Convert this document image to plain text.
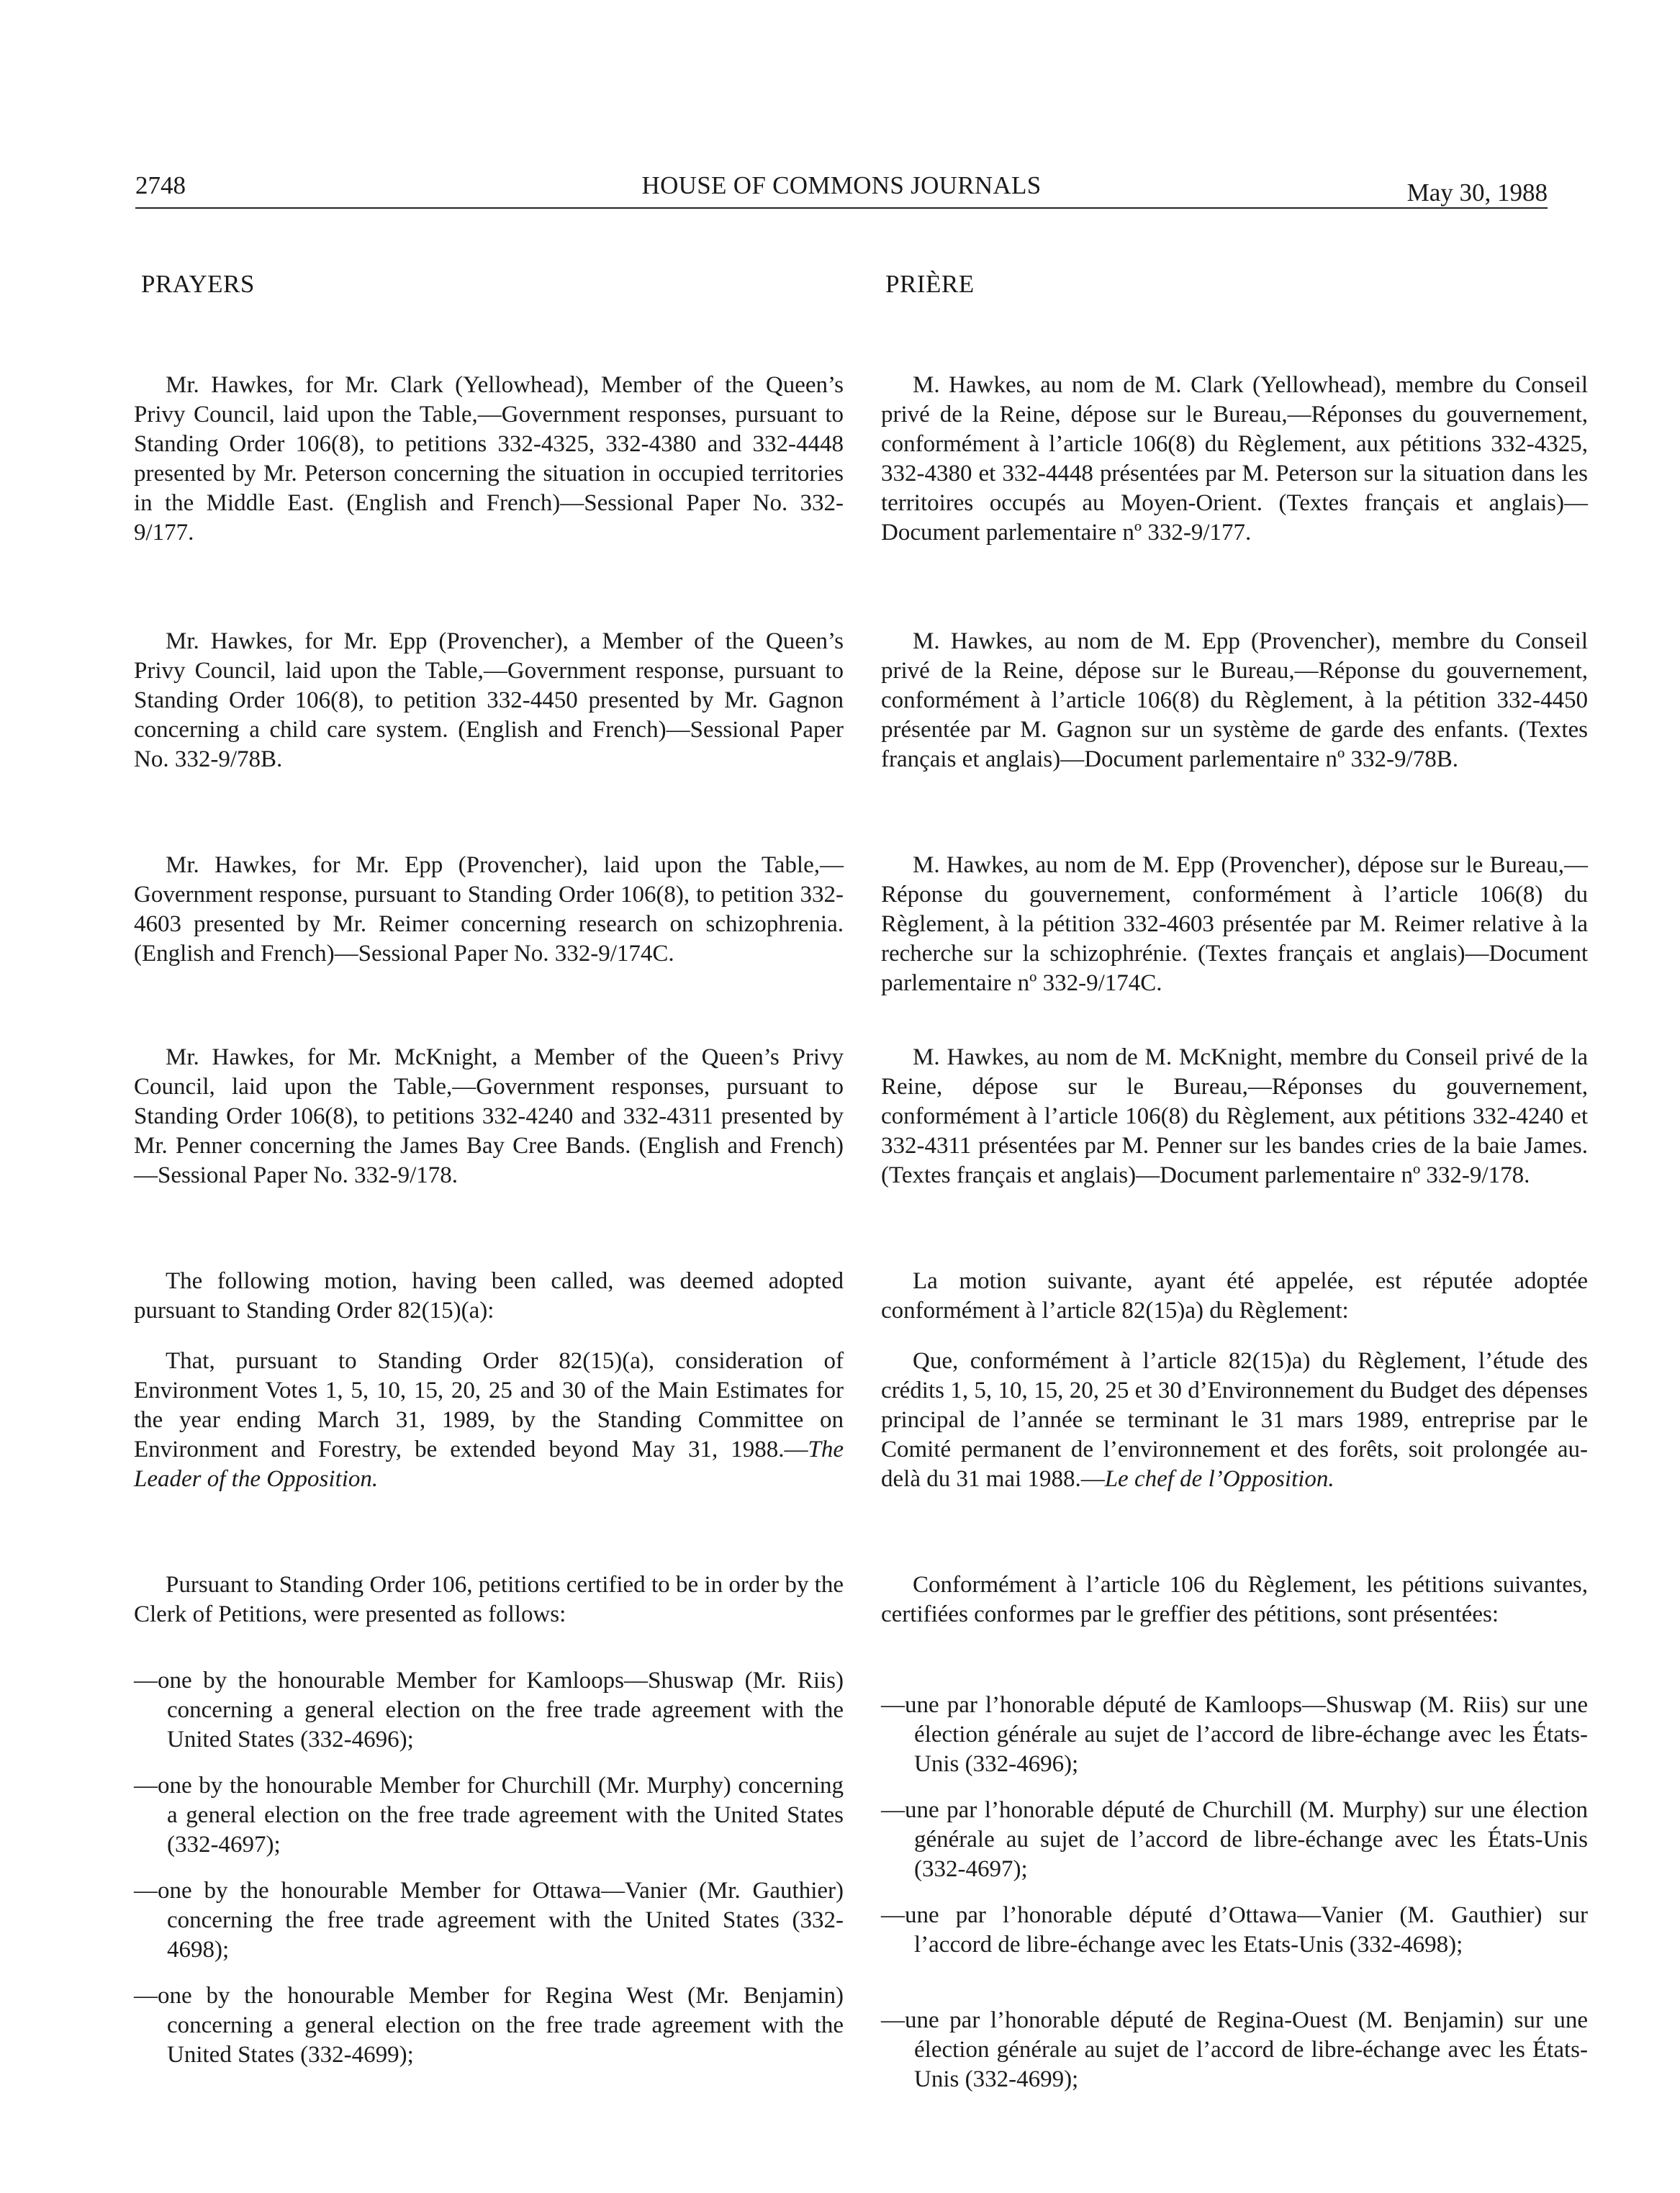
2748	HOUSE OF COMMONS JOURNALS	May 30, 1988
PRAYERS	PRIÈRE

Mr. Hawkes, for Mr. Clark (Yellowhead), Member of the Queen’s Privy Council, laid upon the Table,—Government responses, pursuant to Standing Order 106(8), to petitions 332-4325, 332-4380 and 332-4448 presented by Mr. Peterson concerning the situation in occupied territories in the Middle East. (English and French)—Sessional Paper No. 332-9/177.

Mr. Hawkes, for Mr. Epp (Provencher), a Member of the Queen’s Privy Council, laid upon the Table,—Government response, pursuant to Standing Order 106(8), to petition 332-4450 presented by Mr. Gagnon concerning a child care system. (English and French)—Sessional Paper No. 332-9/78B.

Mr. Hawkes, for Mr. Epp (Provencher), laid upon the Table,—Government response, pursuant to Standing Order 106(8), to petition 332-4603 presented by Mr. Reimer concerning research on schizophrenia. (English and French)—Sessional Paper No. 332-9/174C.

Mr. Hawkes, for Mr. McKnight, a Member of the Queen’s Privy Council, laid upon the Table,—Government responses, pursuant to Standing Order 106(8), to petitions 332-4240 and 332-4311 presented by Mr. Penner concerning the James Bay Cree Bands. (English and French)—Sessional Paper No. 332-9/178.

The following motion, having been called, was deemed adopted pursuant to Standing Order 82(15)(a):

That, pursuant to Standing Order 82(15)(a), consideration of Environment Votes 1, 5, 10, 15, 20, 25 and 30 of the Main Estimates for the year ending March 31, 1989, by the Standing Committee on Environment and Forestry, be extended beyond May 31, 1988.—The Leader of the Opposition.

Pursuant to Standing Order 106, petitions certified to be in order by the Clerk of Petitions, were presented as follows:

—one by the honourable Member for Kamloops—Shuswap (Mr. Riis) concerning a general election on the free trade agreement with the United States (332-4696);

—one by the honourable Member for Churchill (Mr. Murphy) concerning a general election on the free trade agreement with the United States (332-4697);

—one by the honourable Member for Ottawa—Vanier (Mr. Gauthier) concerning the free trade agreement with the United States (332-4698);

—one by the honourable Member for Regina West (Mr. Benjamin) concerning a general election on the free trade agreement with the United States (332-4699);

M. Hawkes, au nom de M. Clark (Yellowhead), membre du Conseil privé de la Reine, dépose sur le Bureau,—Réponses du gouvernement, conformément à l’article 106(8) du Règlement, aux pétitions 332-4325, 332-4380 et 332-4448 présentées par M. Peterson sur la situation dans les territoires occupés au Moyen-Orient. (Textes français et anglais)—Document parlementaire nº 332-9/177.

M. Hawkes, au nom de M. Epp (Provencher), membre du Conseil privé de la Reine, dépose sur le Bureau,—Réponse du gouvernement, conformément à l’article 106(8) du Règlement, à la pétition 332-4450 présentée par M. Gagnon sur un système de garde des enfants. (Textes français et anglais)—Document parlementaire nº 332-9/78B.

M. Hawkes, au nom de M. Epp (Provencher), dépose sur le Bureau,—Réponse du gouvernement, conformément à l’article 106(8) du Règlement, à la pétition 332-4603 présentée par M. Reimer relative à la recherche sur la schizophrénie. (Textes français et anglais)—Document parlementaire nº 332-9/174C.

M. Hawkes, au nom de M. McKnight, membre du Conseil privé de la Reine, dépose sur le Bureau,—Réponses du gouvernement, conformément à l’article 106(8) du Règlement, aux pétitions 332-4240 et 332-4311 présentées par M. Penner sur les bandes cries de la baie James. (Textes français et anglais)—Document parlementaire nº 332-9/178.

La motion suivante, ayant été appelée, est réputée adoptée conformément à l’article 82(15)a) du Règlement:

Que, conformément à l’article 82(15)a) du Règlement, l’étude des crédits 1, 5, 10, 15, 20, 25 et 30 d’Environnement du Budget des dépenses principal de l’année se terminant le 31 mars 1989, entreprise par le Comité permanent de l’environnement et des forêts, soit prolongée au-delà du 31 mai 1988.—Le chef de l’Opposition.

Conformément à l’article 106 du Règlement, les pétitions suivantes, certifiées conformes par le greffier des pétitions, sont présentées:

—une par l’honorable député de Kamloops—Shuswap (M. Riis) sur une élection générale au sujet de l’accord de libre-échange avec les États-Unis (332-4696);

—une par l’honorable député de Churchill (M. Murphy) sur une élection générale au sujet de l’accord de libre-échange avec les États-Unis (332-4697);

—une par l’honorable député d’Ottawa—Vanier (M. Gauthier) sur l’accord de libre-échange avec les Etats-Unis (332-4698);

—une par l’honorable député de Regina-Ouest (M. Benjamin) sur une élection générale au sujet de l’accord de libre-échange avec les États-Unis (332-4699);
